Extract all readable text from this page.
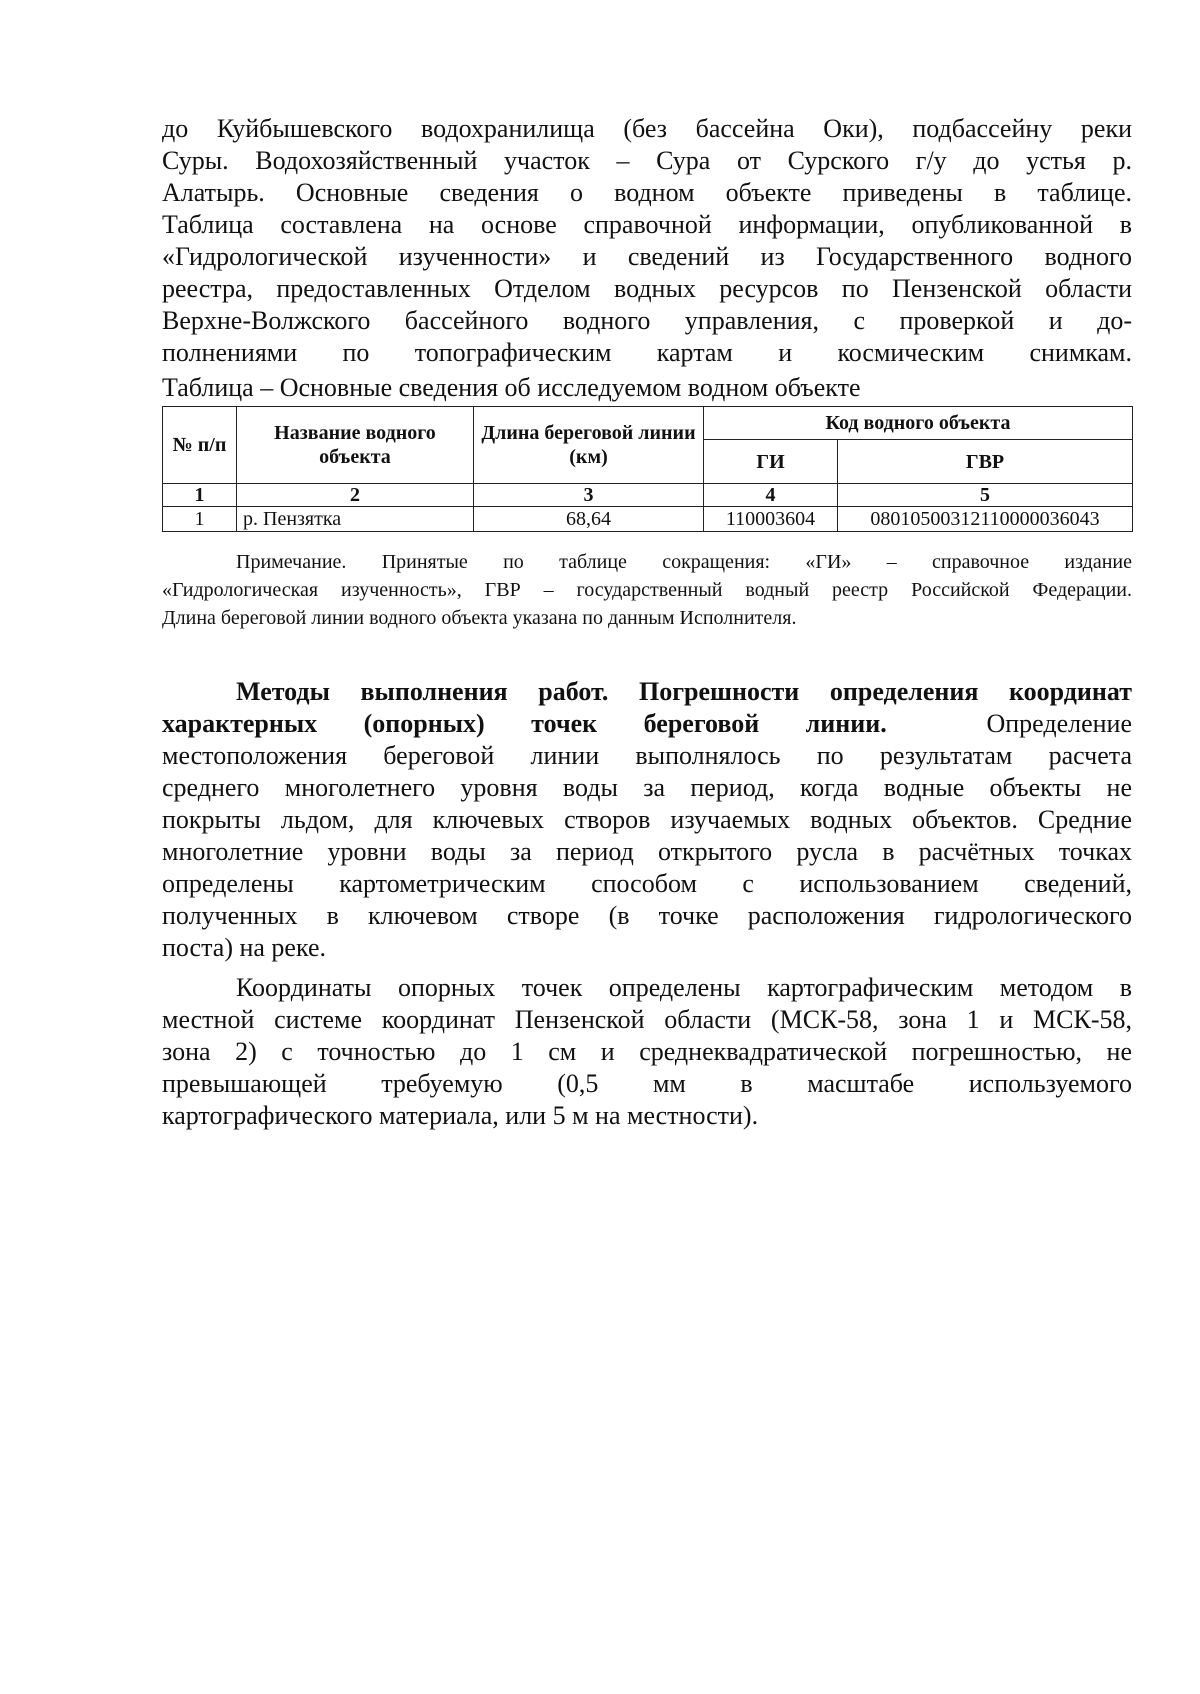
до Куйбышевского водохранилища (без бассейна Оки), подбассейну реки
Суры. Водохозяйственный участок – Сура от Сурского г/у до устья р.
Алатырь. Основные сведения о водном объекте приведены в таблице.
Таблица составлена на основе справочной информации, опубликованной в
«Гидрологической изученности» и сведений из Государственного водного
реестра, предоставленных Отделом водных ресурсов по Пензенской области
Верхне-Волжского бассейного водного управления, с проверкой и до-
полнениями по топографическим картам и космическим снимкам.
Таблица – Основные сведения об исследуемом водном объекте
№ п/п	Название водного объекта	Длина береговой линии (км)	Код водного объекта	
			ГИ	ГВР
1	2	3	4	5
1	р. Пензятка	68,64	110003604	08010500312110000036043
Примечание. Принятые по таблице сокращения: «ГИ» – справочное издание
«Гидрологическая изученность», ГВР – государственный водный реестр Российской Федерации.
Длина береговой линии водного объекта указана по данным Исполнителя.
Методы выполнения работ. Погрешности определения координат
характерных (опорных) точек береговой линии.	Определение
местоположения береговой линии выполнялось по результатам расчета
среднего многолетнего уровня воды за период, когда водные объекты не
покрыты льдом, для ключевых створов изучаемых водных объектов. Средние
многолетние уровни воды за период открытого русла в расчётных точках
определены картометрическим способом с использованием сведений,
полученных в ключевом створе (в точке расположения гидрологического
поста) на реке.
Координаты опорных точек определены картографическим методом в
местной системе координат Пензенской области (МСК-58, зона 1 и МСК-58,
зона 2) с точностью до 1 см и среднеквадратической погрешностью, не
превышающей требуемую (0,5 мм в масштабе используемого
картографического материала, или 5 м на местности).
